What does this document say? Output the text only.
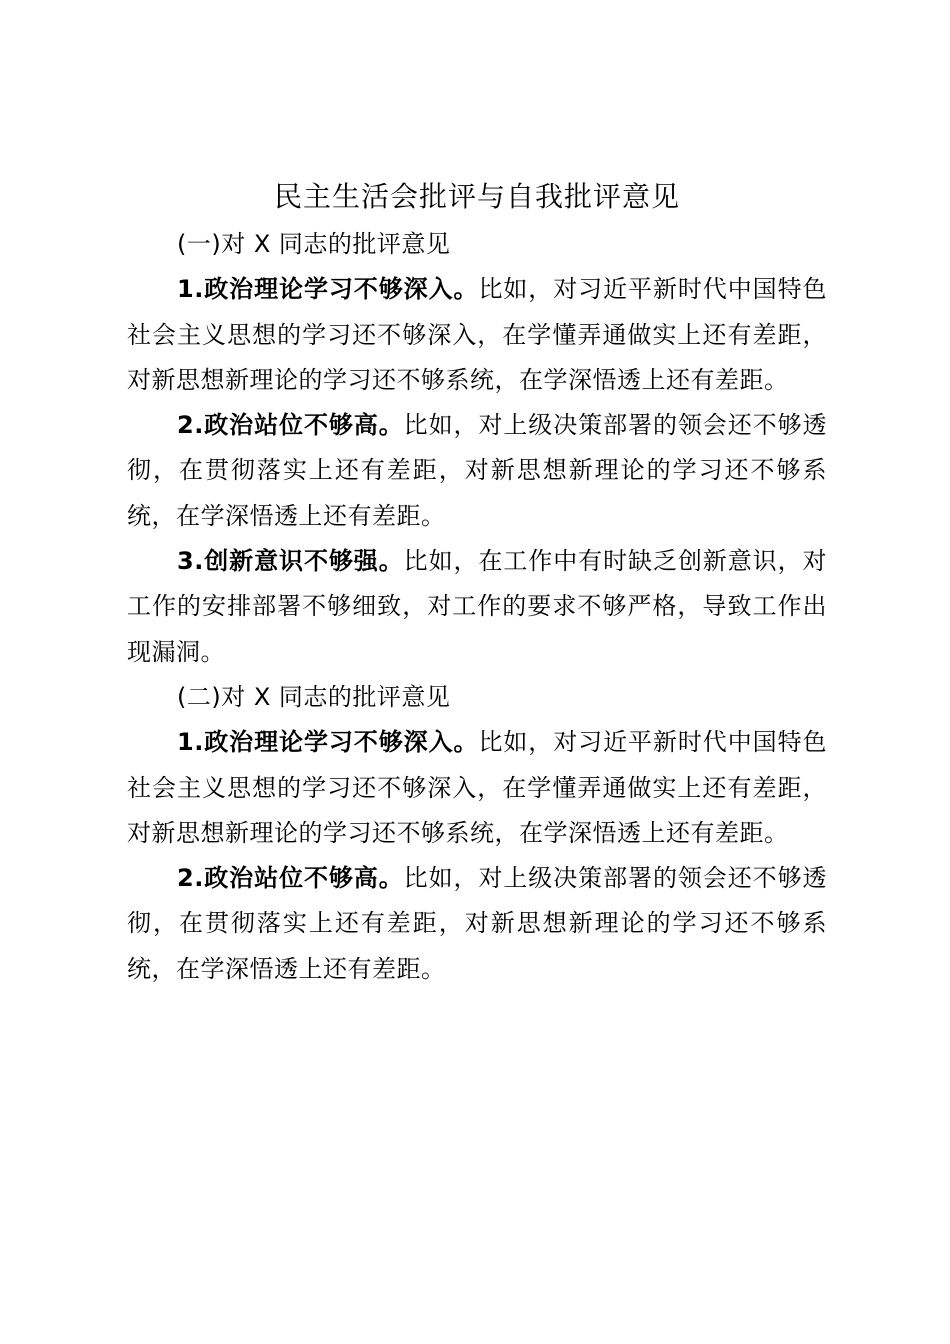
民主生活会批评与自我批评意见

(一)对 X 同志的批评意见

1.政治理论学习不够深入。比如，对习近平新时代中国特色社会主义思想的学习还不够深入，在学懂弄通做实上还有差距，对新思想新理论的学习还不够系统，在学深悟透上还有差距。

2.政治站位不够高。比如，对上级决策部署的领会还不够透彻，在贯彻落实上还有差距，对新思想新理论的学习还不够系统，在学深悟透上还有差距。

3.创新意识不够强。比如，在工作中有时缺乏创新意识，对工作的安排部署不够细致，对工作的要求不够严格，导致工作出现漏洞。

(二)对 X 同志的批评意见

1.政治理论学习不够深入。比如，对习近平新时代中国特色社会主义思想的学习还不够深入，在学懂弄通做实上还有差距，对新思想新理论的学习还不够系统，在学深悟透上还有差距。

2.政治站位不够高。比如，对上级决策部署的领会还不够透彻，在贯彻落实上还有差距，对新思想新理论的学习还不够系统，在学深悟透上还有差距。
